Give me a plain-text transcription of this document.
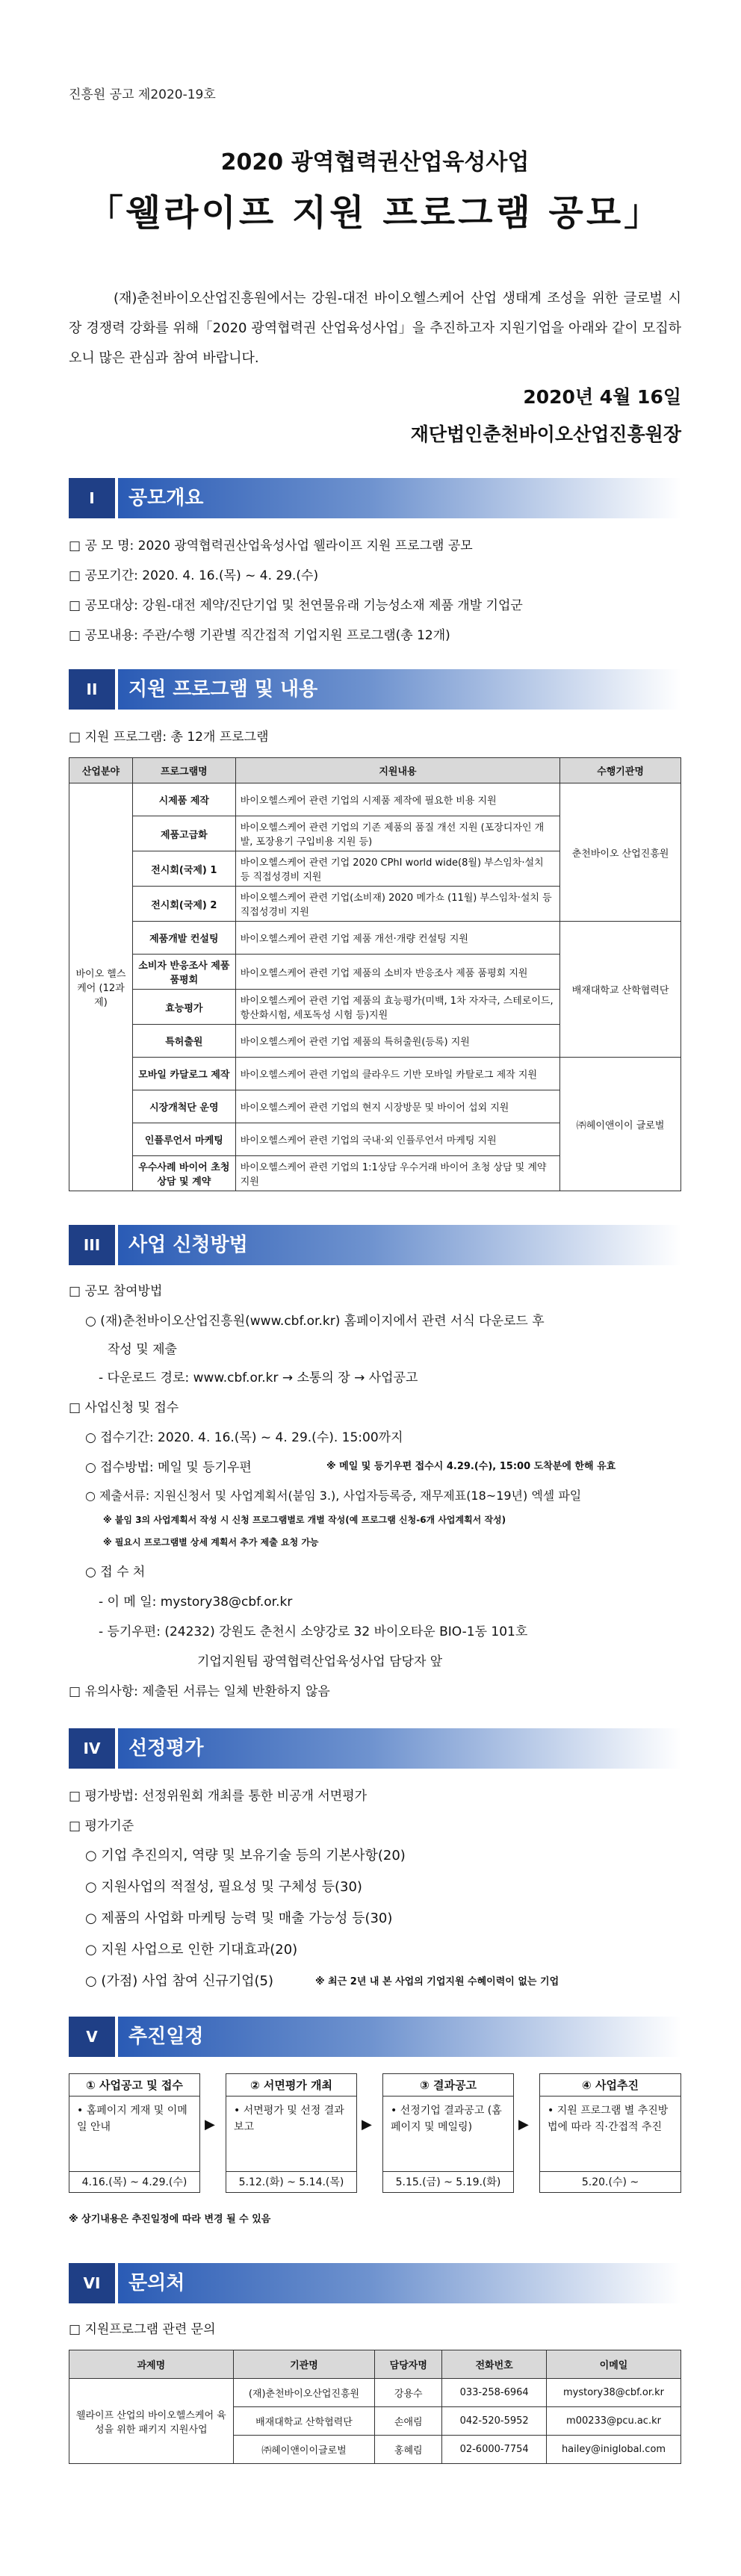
진흥원 공고 제2020-19호
2020 광역협력권산업육성사업
「웰라이프 지원 프로그램 공모」
(재)춘천바이오산업진흥원에서는 강원-대전 바이오헬스케어 산업 생태계 조성을 위한 글로벌 시장 경쟁력 강화를 위해「2020 광역협력권 산업육성사업」을 추진하고자 지원기업을 아래와 같이 모집하오니 많은 관심과 참여 바랍니다.
2020년 4월 16일
재단법인춘천바이오산업진흥원장
I	공모개요
□ 공 모 명: 2020 광역협력권산업육성사업 웰라이프 지원 프로그램 공모
□ 공모기간: 2020. 4. 16.(목) ~ 4. 29.(수)
□ 공모대상: 강원-대전 제약/진단기업 및 천연물유래 기능성소재 제품 개발 기업군
□ 공모내용: 주관/수행 기관별 직간접적 기업지원 프로그램(총 12개)
II	지원 프로그램 및 내용
□ 지원 프로그램: 총 12개 프로그램
산업분야	프로그램명	지원내용	수행기관명
바이오 헬스케어 (12과제)	시제품 제작	바이오헬스케어 관련 기업의 시제품 제작에 필요한 비용 지원	춘천바이오 산업진흥원
	제품고급화	바이오헬스케어 관련 기업의 기존 제품의 품질 개선 지원 (포장디자인 개발, 포장용기 구입비용 지원 등)	
	전시회(국제) 1	바이오헬스케어 관련 기업 2020 CPhI world wide(8월) 부스임차·설치 등 직접성경비 지원	
	전시회(국제) 2	바이오헬스케어 관련 기업(소비재) 2020 메가쇼 (11월) 부스임차·설치 등 직접성경비 지원	
	제품개발 컨설팅	바이오헬스케어 관련 기업 제품 개선·개량 컨설팅 지원	배재대학교 산학협력단
	소비자 반응조사 제품 품평회	바이오헬스케어 관련 기업 제품의 소비자 반응조사 제품 품평회 지원	
	효능평가	바이오헬스케어 관련 기업 제품의 효능평가(미백, 1차 자자극, 스테로이드, 항산화시험, 세포독성 시험 등)지원	
	특허출원	바이오헬스케어 관련 기업 제품의 특허출원(등록) 지원	
	모바일 카달로그 제작	바이오헬스케어 관련 기업의 클라우드 기반 모바일 카탈로그 제작 지원	㈜헤이앤이이 글로벌
	시장개척단 운영	바이오헬스케어 관련 기업의 현지 시장방문 및 바이어 섭외 지원	
	인플루언서 마케팅	바이오헬스케어 관련 기업의 국내·외 인플루언서 마케팅 지원	
	우수사례 바이어 초청 상담 및 계약	바이오헬스케어 관련 기업의 1:1상담 우수거래 바이어 초청 상담 및 계약지원	
III	사업 신청방법
□ 공모 참여방법
○ (재)춘천바이오산업진흥원(www.cbf.or.kr) 홈페이지에서 관련 서식 다운로드 후
작성 및 제출
- 다운로드 경로: www.cbf.or.kr → 소통의 장 → 사업공고
□ 사업신청 및 접수
○ 접수기간: 2020. 4. 16.(목) ~ 4. 29.(수). 15:00까지
○ 접수방법: 메일 및 등기우편	※ 메일 및 등기우편 접수시 4.29.(수), 15:00 도착분에 한해 유효
○ 제출서류: 지원신청서 및 사업계획서(붙임 3.), 사업자등록증, 재무제표(18~19년) 엑셀 파일
※ 붙임 3의 사업계획서 작성 시 신청 프로그램별로 개별 작성(예 프로그램 신청-6개 사업계획서 작성)
※ 필요시 프로그램별 상세 계획서 추가 제출 요청 가능
○ 접 수 처
- 이 메 일: mystory38@cbf.or.kr
- 등기우편: (24232) 강원도 춘천시 소양강로 32 바이오타운 BIO-1동 101호
기업지원팀 광역협력산업육성사업 담당자 앞
□ 유의사항: 제출된 서류는 일체 반환하지 않음
IV	선정평가
□ 평가방법: 선정위원회 개최를 통한 비공개 서면평가
□ 평가기준
○ 기업 추진의지, 역량 및 보유기술 등의 기본사항(20)
○ 지원사업의 적절성, 필요성 및 구체성 등(30)
○ 제품의 사업화 마케팅 능력 및 매출 가능성 등(30)
○ 지원 사업으로 인한 기대효과(20)
○ (가점) 사업 참여 신규기업(5)	※ 최근 2년 내 본 사업의 기업지원 수혜이력이 없는 기업
V	추진일정
① 사업공고 및 접수
• 홈페이지 게재 및 이메일 안내
4.16.(목) ~ 4.29.(수)
▶
② 서면평가 개최
• 서면평가 및 선정 결과보고
5.12.(화) ~ 5.14.(목)
▶
③ 결과공고
• 선정기업 결과공고 (홈페이지 및 메일링)
5.15.(금) ~ 5.19.(화)
▶
④ 사업추진
• 지원 프로그램 별 추진방법에 따라 직·간접적 추진
5.20.(수) ~
※ 상기내용은 추진일정에 따라 변경 될 수 있음
VI	문의처
□ 지원프로그램 관련 문의
과제명	기관명	담당자명	전화번호	이메일
웰라이프 산업의 바이오헬스케어 육성을 위한 패키지 지원사업	(재)춘천바이오산업진흥원	강용수	033-258-6964	mystory38@cbf.or.kr
	배재대학교 산학협력단	손애림	042-520-5952	m00233@pcu.ac.kr
	㈜헤이앤이이글로벌	홍혜림	02-6000-7754	hailey@iniglobal.com
